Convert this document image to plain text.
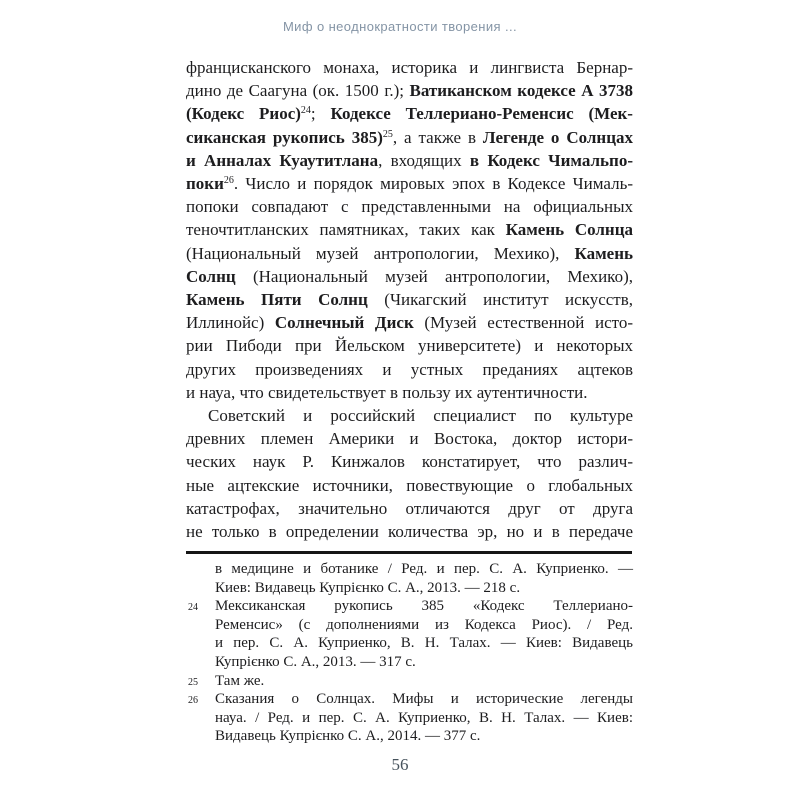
Миф о неоднократности творения ...
францисканского монаха, историка и лингвиста Бернар-
дино де Саагуна (ок. 1500 г.); Ватиканском кодексе А 3738
(Кодекс Риос)$^{24}$; Кодексе Теллериано-Ременсис (Мек-
сиканская рукопись 385)$^{25}$, а также в Легенде о Солнцах
и Анналах Куаутитлана, входящих в Кодекс Чимальпо-
поки$^{26}$. Число и порядок мировых эпох в Кодексе Чималь-
попоки совпадают с представленными на официальных
теночтитланских памятниках, таких как Камень Солнца
(Национальный музей антропологии, Мехико), Камень
Солнц (Национальный музей антропологии, Мехико),
Камень Пяти Солнц (Чикагский институт искусств,
Иллинойс) Солнечный Диск (Музей естественной исто-
рии Пибоди при Йельском университете) и некоторых
других произведениях и устных преданиях ацтеков
и науа, что свидетельствует в пользу их аутентичности.
Советский и российский специалист по культуре
древних племен Америки и Востока, доктор истори-
ческих наук Р. Кинжалов констатирует, что различ-
ные ацтекские источники, повествующие о глобальных
катастрофах, значительно отличаются друг от друга
не только в определении количества эр, но и в передаче
в медицине и ботанике / Ред. и пер. С. А. Куприенко. —
Киев: Видавець Купрієнко С. А., 2013. — 218 с.
24 Мексиканская рукопись 385 «Кодекс Теллериано-
Ременсис» (с дополнениями из Кодекса Риос). / Ред.
и пер. С. А. Куприенко, В. Н. Талах. — Киев: Видавець
Купрієнко С. А., 2013. — 317 с.
25 Там же.
26 Сказания о Солнцах. Мифы и исторические легенды
науа. / Ред. и пер. С. А. Куприенко, В. Н. Талах. — Киев:
Видавець Купрієнко С. А., 2014. — 377 с.
56
